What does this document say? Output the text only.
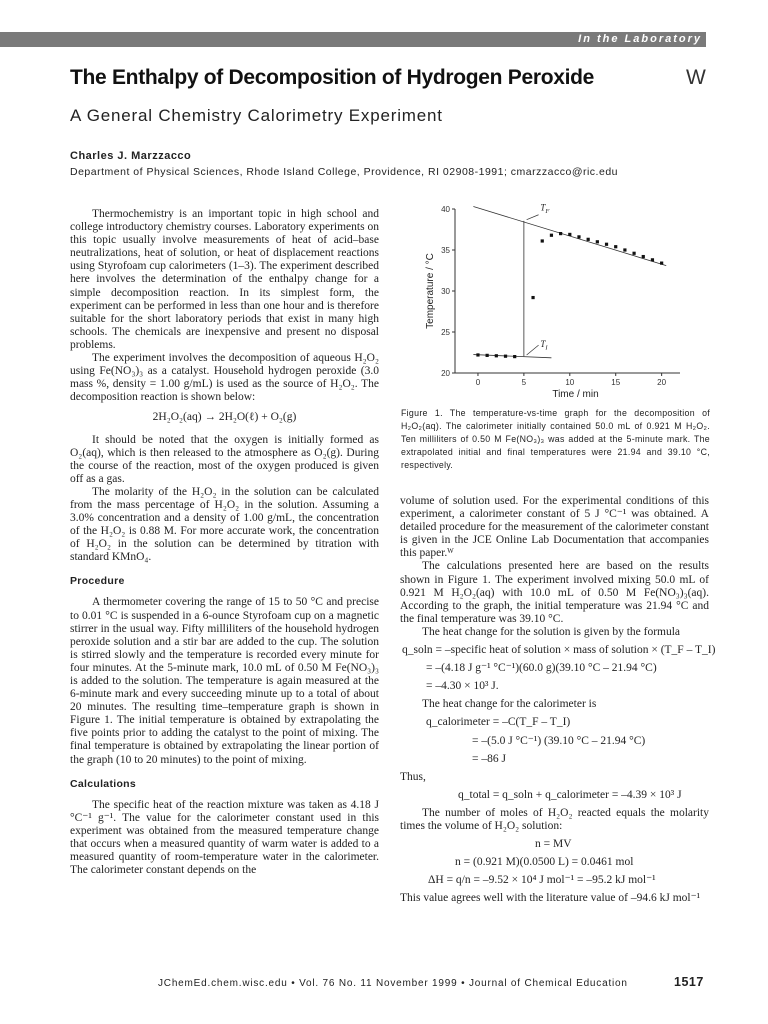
In the Laboratory
The Enthalpy of Decomposition of Hydrogen Peroxide	W
A General Chemistry Calorimetry Experiment
Charles J. Marzzacco
Department of Physical Sciences, Rhode Island College, Providence, RI 02908-1991; cmarzzacco@ric.edu

Thermochemistry is an important topic in high school and college introductory chemistry courses. Laboratory experiments on this topic usually involve measurements of heat of acid–base neutralizations, heat of solution, or heat of displacement reactions using Styrofoam cup calorimeters (1–3). The experiment described here involves the determination of the enthalpy change for a simple decomposition reaction. In its simplest form, the experiment can be performed in less than one hour and is therefore suitable for the short laboratory periods that exist in many high schools. The chemicals are inexpensive and present no disposal problems.

The experiment involves the decomposition of aqueous H₂O₂ using Fe(NO₃)₃ as a catalyst. Household hydrogen peroxide (3.0 mass %, density = 1.00 g/mL) is used as the source of H₂O₂. The decomposition reaction is shown below:

2H₂O₂(aq) → 2H₂O(ℓ) + O₂(g)

It should be noted that the oxygen is initially formed as O₂(aq), which is then released to the atmosphere as O₂(g). During the course of the reaction, most of the oxygen produced is given off as a gas.

The molarity of the H₂O₂ in the solution can be calculated from the mass percentage of H₂O₂ in the solution. Assuming a 3.0% concentration and a density of 1.00 g/mL, the concentration of the H₂O₂ is 0.88 M. For more accurate work, the concentration of H₂O₂ in the solution can be determined by titration with standard KMnO₄.

Procedure

A thermometer covering the range of 15 to 50 °C and precise to 0.01 °C is suspended in a 6-ounce Styrofoam cup on a magnetic stirrer in the usual way. Fifty milliliters of the household hydrogen peroxide solution and a stir bar are added to the cup. The solution is stirred slowly and the temperature is recorded every minute for four minutes. At the 5-minute mark, 10.0 mL of 0.50 M Fe(NO₃)₃ is added to the solution. The temperature is again measured at the 6-minute mark and every succeeding minute up to a total of about 20 minutes. The resulting time–temperature graph is shown in Figure 1. The initial temperature is obtained by extrapolating the five points prior to adding the catalyst to the point of mixing. The final temperature is obtained by extrapolating the linear portion of the graph (10 to 20 minutes) to the point of mixing.

Calculations

The specific heat of the reaction mixture was taken as 4.18 J °C⁻¹ g⁻¹. The value for the calorimeter constant used in this experiment was obtained from the measured temperature change that occurs when a measured quantity of warm water is added to a measured quantity of room-temperature water in the calorimeter. The calorimeter constant depends on the

0	5	10	15	20
20
25
30
35
40
Time / min
Temperature / °C
$T_F$
$T_I$
Figure 1. The temperature-vs-time graph for the decomposition of H₂O₂(aq). The calorimeter initially contained 50.0 mL of 0.921 M H₂O₂. Ten milliliters of 0.50 M Fe(NO₃)₃ was added at the 5-minute mark. The extrapolated initial and final temperatures were 21.94 and 39.10 °C, respectively.

volume of solution used. For the experimental conditions of this experiment, a calorimeter constant of 5 J °C⁻¹ was obtained. A detailed procedure for the measurement of the calorimeter constant is given in the JCE Online Lab Documentation that accompanies this paper.ᵂ

The calculations presented here are based on the results shown in Figure 1. The experiment involved mixing 50.0 mL of 0.921 M H₂O₂(aq) with 10.0 mL of 0.50 M Fe(NO₃)₃(aq). According to the graph, the initial temperature was 21.94 °C and the final temperature was 39.10 °C.

The heat change for the solution is given by the formula

q_soln = –specific heat of solution × mass of solution × (T_F – T_I)

= –(4.18 J g⁻¹ °C⁻¹)(60.0 g)(39.10 °C – 21.94 °C)

= –4.30 × 10³ J.

The heat change for the calorimeter is

q_calorimeter = –C(T_F – T_I)

= –(5.0 J °C⁻¹) (39.10 °C – 21.94 °C)

= –86 J

Thus,

q_total = q_soln + q_calorimeter = –4.39 × 10³ J

The number of moles of H₂O₂ reacted equals the molarity times the volume of H₂O₂ solution:

n = MV

n = (0.921 M)(0.0500 L) = 0.0461 mol

ΔH = q/n = –9.52 × 10⁴ J mol⁻¹ = –95.2 kJ mol⁻¹

This value agrees well with the literature value of –94.6 kJ mol⁻¹

JChemEd.chem.wisc.edu • Vol. 76 No. 11 November 1999 • Journal of Chemical Education	1517
